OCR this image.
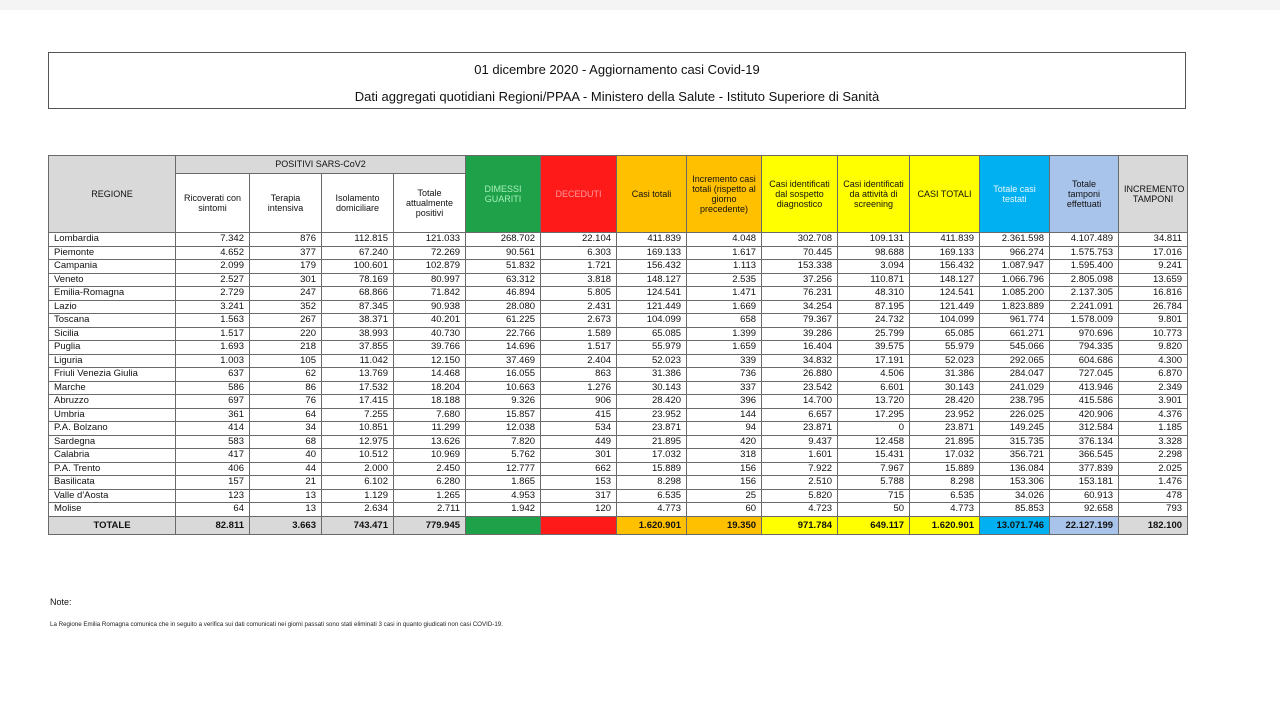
01 dicembre 2020 - Aggiornamento casi Covid-19
Dati aggregati quotidiani Regioni/PPAA - Ministero della Salute - Istituto Superiore di Sanità
REGIONE	POSITIVI SARS-CoV2				DIMESSI GUARITI	DECEDUTI	Casi totali	Incremento casi totali (rispetto al giorno precedente)	Casi identificati dal sospetto diagnostico	Casi identificati da attività di screening	CASI TOTALI	Totale casi testati	Totale tamponi effettuati	INCREMENTO TAMPONI
	Ricoverati con sintomi	Terapia intensiva	Isolamento domiciliare	Totale attualmente positivi										
Lombardia	7.342	876	112.815	121.033	268.702	22.104	411.839	4.048	302.708	109.131	411.839	2.361.598	4.107.489	34.811
Piemonte	4.652	377	67.240	72.269	90.561	6.303	169.133	1.617	70.445	98.688	169.133	966.274	1.575.753	17.016
Campania	2.099	179	100.601	102.879	51.832	1.721	156.432	1.113	153.338	3.094	156.432	1.087.947	1.595.400	9.241
Veneto	2.527	301	78.169	80.997	63.312	3.818	148.127	2.535	37.256	110.871	148.127	1.066.796	2.805.098	13.659
Emilia-Romagna	2.729	247	68.866	71.842	46.894	5.805	124.541	1.471	76.231	48.310	124.541	1.085.200	2.137.305	16.816
Lazio	3.241	352	87.345	90.938	28.080	2.431	121.449	1.669	34.254	87.195	121.449	1.823.889	2.241.091	26.784
Toscana	1.563	267	38.371	40.201	61.225	2.673	104.099	658	79.367	24.732	104.099	961.774	1.578.009	9.801
Sicilia	1.517	220	38.993	40.730	22.766	1.589	65.085	1.399	39.286	25.799	65.085	661.271	970.696	10.773
Puglia	1.693	218	37.855	39.766	14.696	1.517	55.979	1.659	16.404	39.575	55.979	545.066	794.335	9.820
Liguria	1.003	105	11.042	12.150	37.469	2.404	52.023	339	34.832	17.191	52.023	292.065	604.686	4.300
Friuli Venezia Giulia	637	62	13.769	14.468	16.055	863	31.386	736	26.880	4.506	31.386	284.047	727.045	6.870
Marche	586	86	17.532	18.204	10.663	1.276	30.143	337	23.542	6.601	30.143	241.029	413.946	2.349
Abruzzo	697	76	17.415	18.188	9.326	906	28.420	396	14.700	13.720	28.420	238.795	415.586	3.901
Umbria	361	64	7.255	7.680	15.857	415	23.952	144	6.657	17.295	23.952	226.025	420.906	4.376
P.A. Bolzano	414	34	10.851	11.299	12.038	534	23.871	94	23.871	0	23.871	149.245	312.584	1.185
Sardegna	583	68	12.975	13.626	7.820	449	21.895	420	9.437	12.458	21.895	315.735	376.134	3.328
Calabria	417	40	10.512	10.969	5.762	301	17.032	318	1.601	15.431	17.032	356.721	366.545	2.298
P.A. Trento	406	44	2.000	2.450	12.777	662	15.889	156	7.922	7.967	15.889	136.084	377.839	2.025
Basilicata	157	21	6.102	6.280	1.865	153	8.298	156	2.510	5.788	8.298	153.306	153.181	1.476
Valle d'Aosta	123	13	1.129	1.265	4.953	317	6.535	25	5.820	715	6.535	34.026	60.913	478
Molise	64	13	2.634	2.711	1.942	120	4.773	60	4.723	50	4.773	85.853	92.658	793
TOTALE	82.811	3.663	743.471	779.945	784.595	55.576	1.620.901	19.350	971.784	649.117	1.620.901	13.071.746	22.127.199	182.100
Note:
La Regione Emilia Romagna comunica che in seguito a verifica sui dati comunicati nei giorni passati sono stati eliminati 3 casi in quanto giudicati non casi COVID-19.
